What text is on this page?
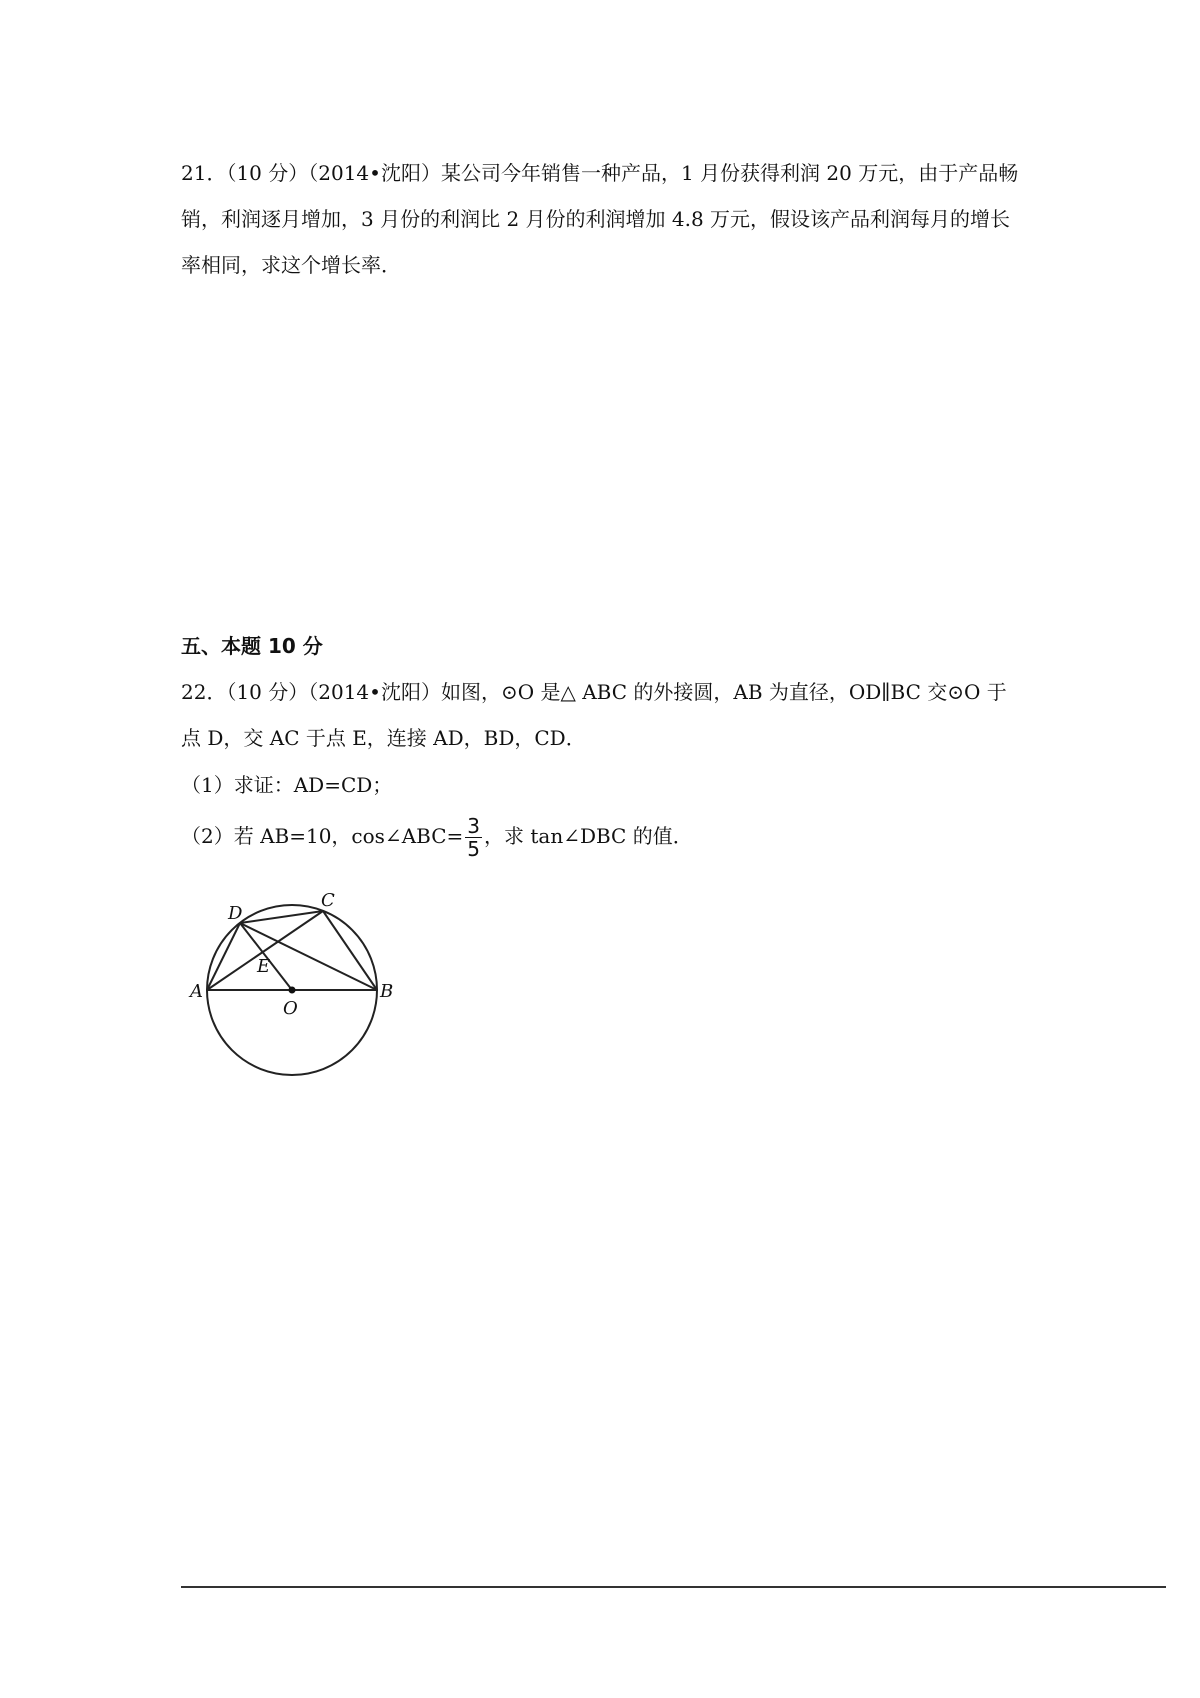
21．（10 分）（2014•沈阳）某公司今年销售一种产品，1 月份获得利润 20 万元，由于产品畅销，利润逐月增加，3 月份的利润比 2 月份的利润增加 4.8 万元，假设该产品利润每月的增长率相同，求这个增长率．

五、本题 10 分

22．（10 分）（2014•沈阳）如图，⊙O 是△ ABC 的外接圆，AB 为直径，OD∥BC 交⊙O 于点 D，交 AC 于点 E，连接 AD，BD，CD．

（1）求证：AD=CD；

（2）若 AB=10，cos∠ABC= $\frac{3}{5}$ ，求 tan∠DBC 的值．

A	B
C
D
E
O
